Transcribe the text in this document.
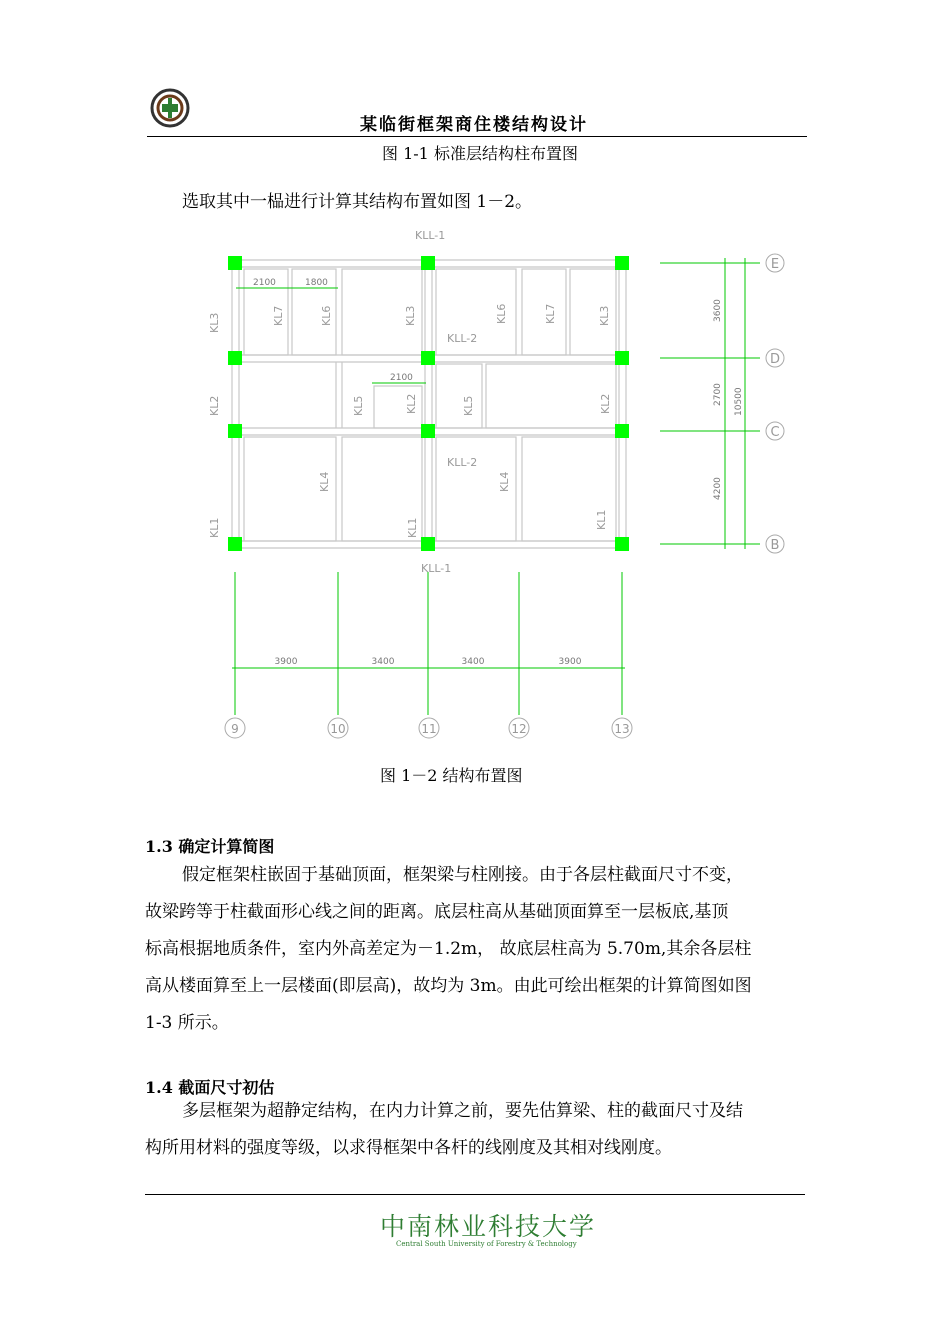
某临街框架商住楼结构设计
图 1-1 标准层结构柱布置图
选取其中一榀进行计算其结构布置如图 1－2。
KLL-1
KLL-2
KLL-2
KLL-1
KL3	KL7	KL6	KL3	KL6	KL7	KL3
KL2	KL5	KL2	KL5	KL2
KL4	KL4
KL1	KL1	KL1
2100	1800
2100
3600
2700 10500
4200
E
D
C
B
3900	3400	3400	3900
9	10	11	12	13
图 1－2 结构布置图
1.3 确定计算简图
假定框架柱嵌固于基础顶面，框架梁与柱刚接。由于各层柱截面尺寸不变，
故梁跨等于柱截面形心线之间的距离。底层柱高从基础顶面算至一层板底,基顶
标高根据地质条件，室内外高差定为－1.2m， 故底层柱高为 5.70m,其余各层柱
高从楼面算至上一层楼面(即层高)，故均为 3m。由此可绘出框架的计算简图如图
1-3 所示。
1.4 截面尺寸初估
多层框架为超静定结构，在内力计算之前，要先估算梁、柱的截面尺寸及结
构所用材料的强度等级，以求得框架中各杆的线刚度及其相对线刚度。
中南林业科技大学
Central South University of Forestry & Technology
